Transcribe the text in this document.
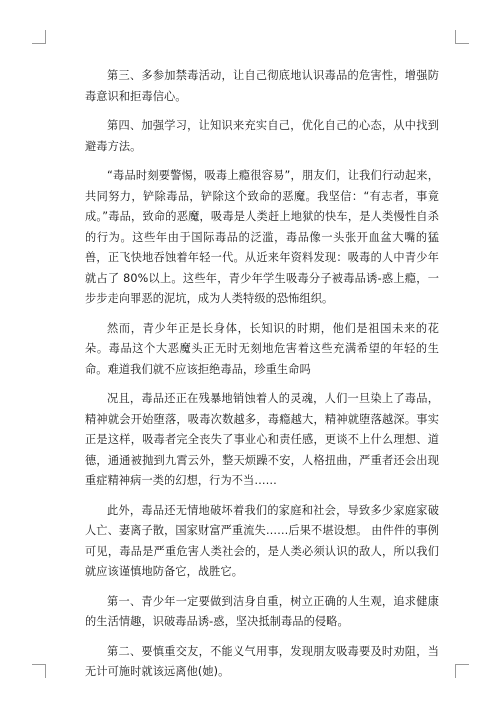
第三、多参加禁毒活动，让自己彻底地认识毒品的危害性，增强防毒意识和拒毒信心。

第四、加强学习，让知识来充实自己，优化自己的心态，从中找到避毒方法。

“毒品时刻要警惕，吸毒上瘾很容易”，朋友们，让我们行动起来，共同努力，铲除毒品，铲除这个致命的恶魔。我坚信：“有志者，事竟成。”毒品，致命的恶魔，吸毒是人类赶上地狱的快车，是人类慢性自杀的行为。这些年由于国际毒品的泛滥，毒品像一头张开血盆大嘴的猛兽，正飞快地吞蚀着年轻一代。从近来年资料发现：吸毒的人中青少年就占了 80%以上。这些年，青少年学生吸毒分子被毒品诱-惑上瘾，一步步走向罪恶的泥坑，成为人类特级的恐怖组织。

然而，青少年正是长身体，长知识的时期，他们是祖国未来的花朵。毒品这个大恶魔头正无时无刻地危害着这些充满希望的年轻的生命。难道我们就不应该拒绝毒品，珍重生命吗

况且，毒品还正在残暴地销蚀着人的灵魂，人们一旦染上了毒品，精神就会开始堕落，吸毒次数越多，毒瘾越大，精神就堕落越深。事实正是这样，吸毒者完全丧失了事业心和责任感，更谈不上什么理想、道德，通通被抛到九霄云外，整天烦躁不安，人格扭曲，严重者还会出现重症精神病一类的幻想，行为不当……

此外，毒品还无情地破坏着我们的家庭和社会，导致多少家庭家破人亡、妻离子散，国家财富严重流失……后果不堪设想。 由件件的事例可见，毒品是严重危害人类社会的，是人类必须认识的敌人，所以我们就应该谨慎地防备它，战胜它。

第一、青少年一定要做到洁身自重，树立正确的人生观，追求健康的生活情趣，识破毒品诱-惑，坚决抵制毒品的侵略。

第二、要慎重交友，不能义气用事，发现朋友吸毒要及时劝阻，当无计可施时就该远离他(她)。
